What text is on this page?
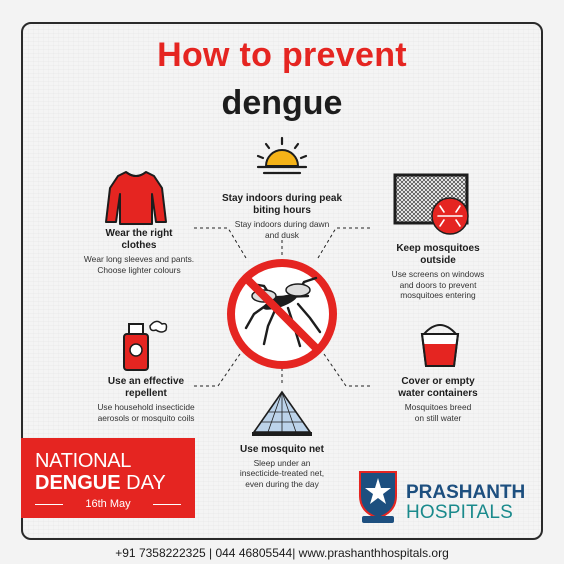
How to prevent
dengue
Stay indoors during peak
biting hours
Stay indoors during dawn
and dusk
Wear the right
clothes
Wear long sleeves and pants.
Choose lighter colours
Keep mosquitoes
outside
Use screens on windows
and doors to prevent
mosquitoes entering
Use an effective
repellent
Use household insecticide
aerosols or mosquito coils
Use mosquito net
Sleep under an
insecticide-treated net,
even during the day
Cover or empty
water containers
Mosquitoes breed
on still water
NATIONAL
DENGUE DAY
16th May
PRASHANTH
HOSPITALS
+91 7358222325 | 044 46805544| www.prashanthhospitals.org
